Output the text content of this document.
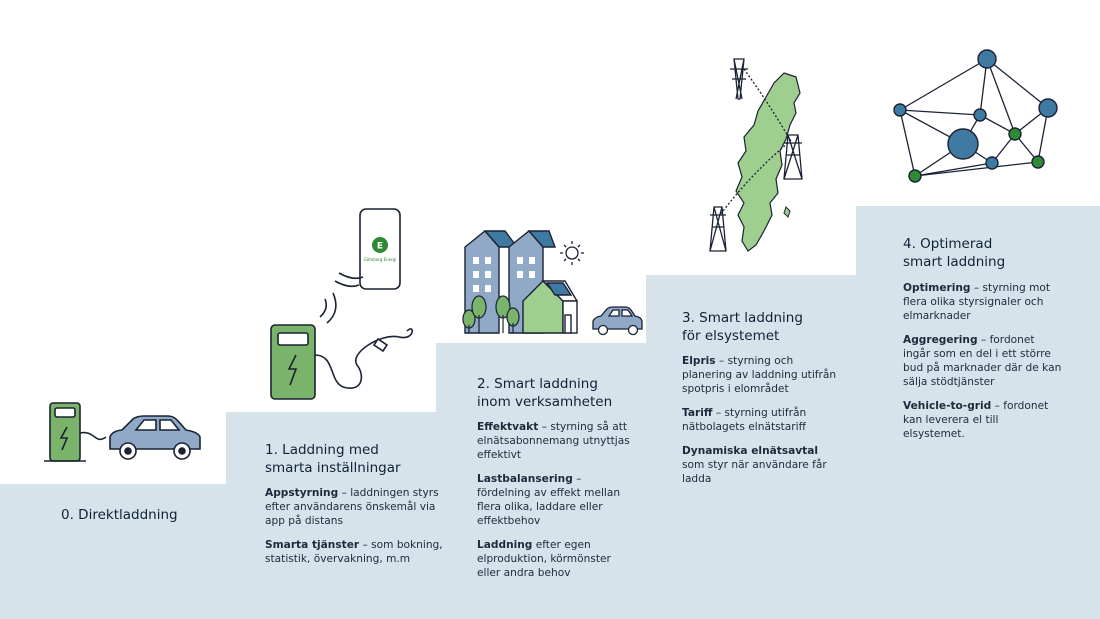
0. Direktladdning
1. Laddning med
smarta inställningar
2. Smart laddning
inom verksamheten
3. Smart laddning
för elsystemet
4. Optimerad
smart laddning

Appstyrning – laddningen styrs efter användarens önskemål via app på distans

Smarta tjänster – som bokning, statistik, övervakning, m.m

Effektvakt – styrning så att elnätsabonnemang utnyttjas effektivt

Lastbalansering – fördelning av effekt mellan flera olika, laddare eller effektbehov

Laddning efter egen elproduktion, körmönster eller andra behov

Elpris – styrning och planering av laddning utifrån spotpris i elområdet

Tariff – styrning utifrån nätbolagets elnätstariff

Dynamiska elnätsavtal som styr när användare får ladda

Optimering – styrning mot flera olika styrsignaler och elmarknader

Aggregering – fordonet ingår som en del i ett större bud på marknader där de kan sälja stödtjänster

Vehicle-to-grid – fordonet kan leverera el till elsystemet.

E
Göteborg Energi
